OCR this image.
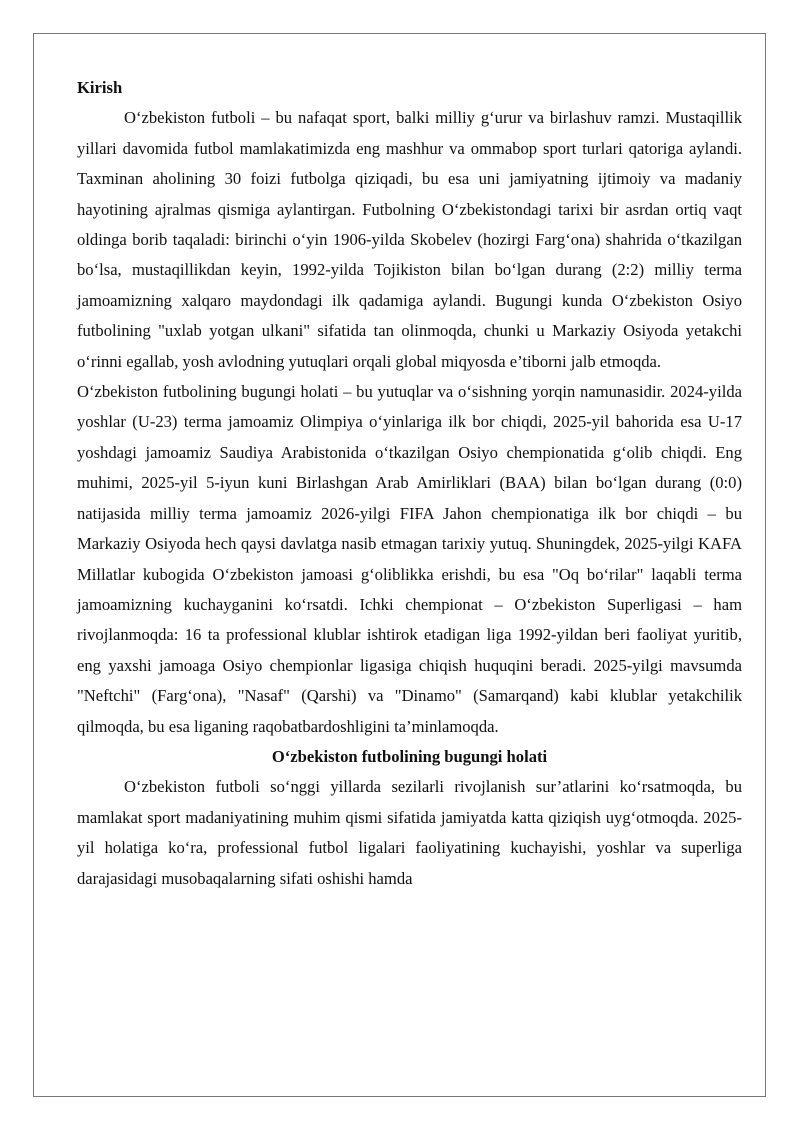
Kirish

O‘zbekiston futboli – bu nafaqat sport, balki milliy g‘urur va birlashuv ramzi. Mustaqillik yillari davomida futbol mamlakatimizda eng mashhur va ommabop sport turlari qatoriga aylandi. Taxminan aholining 30 foizi futbolga qiziqadi, bu esa uni jamiyatning ijtimoiy va madaniy hayotining ajralmas qismiga aylantirgan. Futbolning O‘zbekistondagi tarixi bir asrdan ortiq vaqt oldinga borib taqaladi: birinchi o‘yin 1906-yilda Skobelev (hozirgi Farg‘ona) shahrida o‘tkazilgan bo‘lsa, mustaqillikdan keyin, 1992-yilda Tojikiston bilan bo‘lgan durang (2:2) milliy terma jamoamizning xalqaro maydondagi ilk qadamiga aylandi. Bugungi kunda O‘zbekiston Osiyo futbolining "uxlab yotgan ulkani" sifatida tan olinmoqda, chunki u Markaziy Osiyoda yetakchi o‘rinni egallab, yosh avlodning yutuqlari orqali global miqyosda e’tiborni jalb etmoqda.

O‘zbekiston futbolining bugungi holati – bu yutuqlar va o‘sishning yorqin namunasidir. 2024-yilda yoshlar (U-23) terma jamoamiz Olimpiya o‘yinlariga ilk bor chiqdi, 2025-yil bahorida esa U-17 yoshdagi jamoamiz Saudiya Arabistonida o‘tkazilgan Osiyo chempionatida g‘olib chiqdi. Eng muhimi, 2025-yil 5-iyun kuni Birlashgan Arab Amirliklari (BAA) bilan bo‘lgan durang (0:0) natijasida milliy terma jamoamiz 2026-yilgi FIFA Jahon chempionatiga ilk bor chiqdi – bu Markaziy Osiyoda hech qaysi davlatga nasib etmagan tarixiy yutuq. Shuningdek, 2025-yilgi KAFA Millatlar kubogida O‘zbekiston jamoasi g‘oliblikka erishdi, bu esa "Oq bo‘rilar" laqabli terma jamoamizning kuchayganini ko‘rsatdi. Ichki chempionat – O‘zbekiston Superligasi – ham rivojlanmoqda: 16 ta professional klublar ishtirok etadigan liga 1992-yildan beri faoliyat yuritib, eng yaxshi jamoaga Osiyo chempionlar ligasiga chiqish huquqini beradi. 2025-yilgi mavsumda "Neftchi" (Farg‘ona), "Nasaf" (Qarshi) va "Dinamo" (Samarqand) kabi klublar yetakchilik qilmoqda, bu esa liganing raqobatbardoshligini ta’minlamoqda.

O‘zbekiston futbolining bugungi holati

O‘zbekiston futboli so‘nggi yillarda sezilarli rivojlanish sur’atlarini ko‘rsatmoqda, bu mamlakat sport madaniyatining muhim qismi sifatida jamiyatda katta qiziqish uyg‘otmoqda. 2025-yil holatiga ko‘ra, professional futbol ligalari faoliyatining kuchayishi, yoshlar va superliga darajasidagi musobaqalarning sifati oshishi hamda
